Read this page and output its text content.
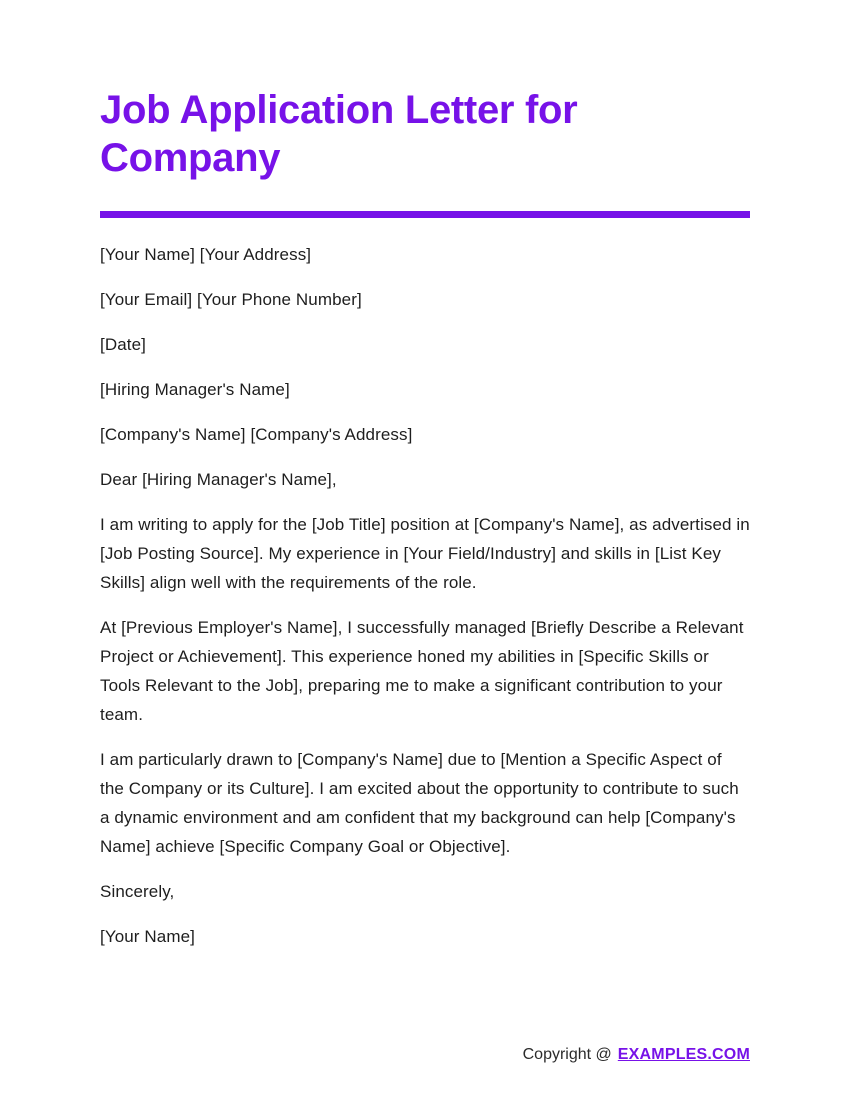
Job Application Letter for Company

[Your Name] [Your Address]

[Your Email] [Your Phone Number]

[Date]

[Hiring Manager's Name]

[Company's Name] [Company's Address]

Dear [Hiring Manager's Name],

I am writing to apply for the [Job Title] position at [Company's Name], as advertised in [Job Posting Source]. My experience in [Your Field/Industry] and skills in [List Key Skills] align well with the requirements of the role.

At [Previous Employer's Name], I successfully managed [Briefly Describe a Relevant Project or Achievement]. This experience honed my abilities in [Specific Skills or Tools Relevant to the Job], preparing me to make a significant contribution to your team.

I am particularly drawn to [Company's Name] due to [Mention a Specific Aspect of the Company or its Culture]. I am excited about the opportunity to contribute to such a dynamic environment and am confident that my background can help [Company's Name] achieve [Specific Company Goal or Objective].

Sincerely,

[Your Name]

Copyright @ EXAMPLES.COM
